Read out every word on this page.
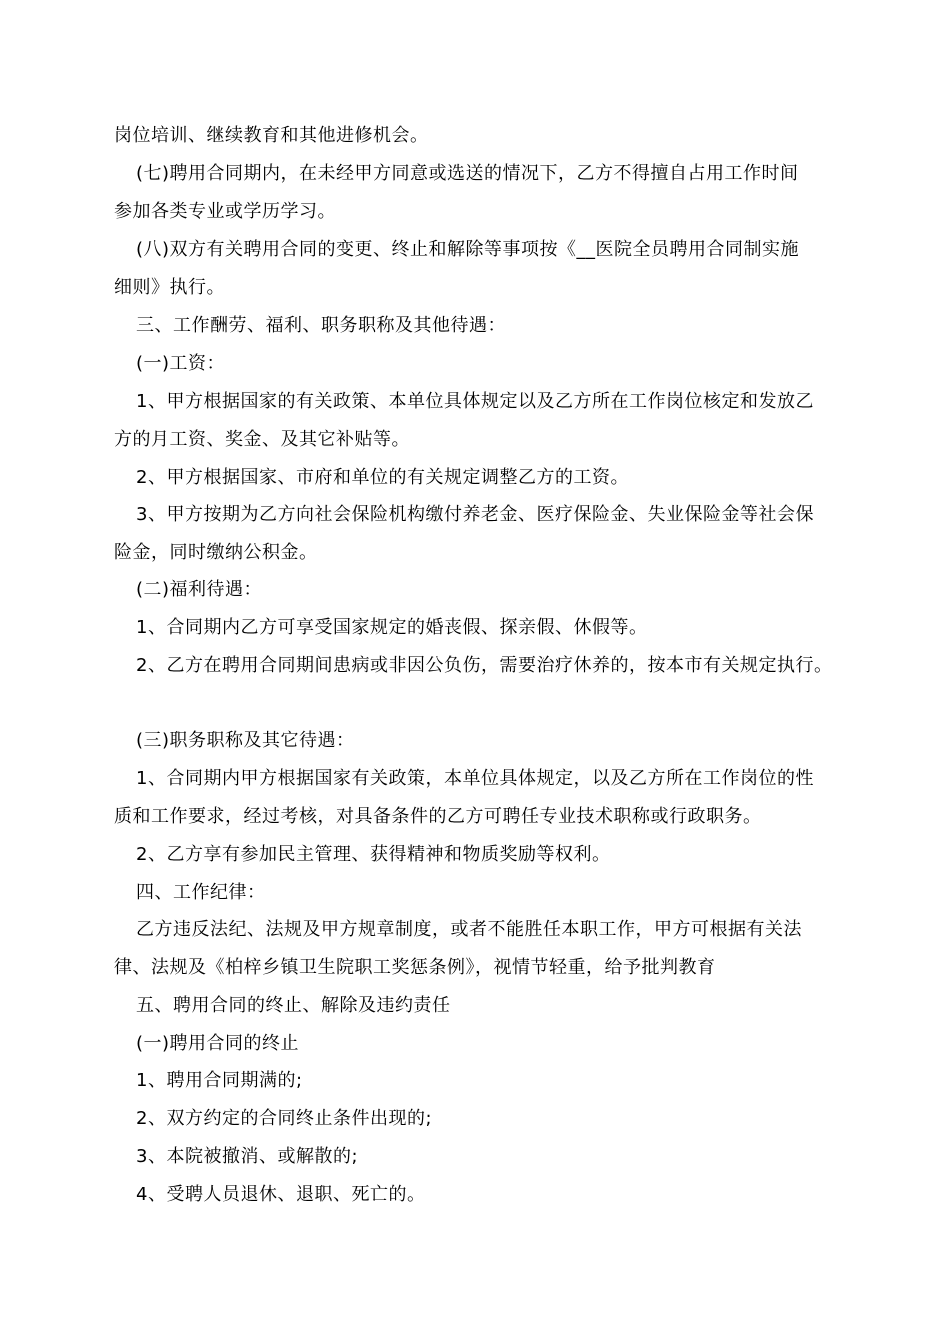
岗位培训、继续教育和其他进修机会。
(七)聘用合同期内，在未经甲方同意或选送的情况下，乙方不得擅自占用工作时间
参加各类专业或学历学习。
(八)双方有关聘用合同的变更、终止和解除等事项按《__医院全员聘用合同制实施
细则》执行。
三、工作酬劳、福利、职务职称及其他待遇：
(一)工资：
1、甲方根据国家的有关政策、本单位具体规定以及乙方所在工作岗位核定和发放乙
方的月工资、奖金、及其它补贴等。
2、甲方根据国家、市府和单位的有关规定调整乙方的工资。
3、甲方按期为乙方向社会保险机构缴付养老金、医疗保险金、失业保险金等社会保
险金，同时缴纳公积金。
(二)福利待遇：
1、合同期内乙方可享受国家规定的婚丧假、探亲假、休假等。
2、乙方在聘用合同期间患病或非因公负伤，需要治疗休养的，按本市有关规定执行。
(三)职务职称及其它待遇：
1、合同期内甲方根据国家有关政策，本单位具体规定，以及乙方所在工作岗位的性
质和工作要求，经过考核，对具备条件的乙方可聘任专业技术职称或行政职务。
2、乙方享有参加民主管理、获得精神和物质奖励等权利。
四、工作纪律：
乙方违反法纪、法规及甲方规章制度，或者不能胜任本职工作，甲方可根据有关法
律、法规及《柏梓乡镇卫生院职工奖惩条例》，视情节轻重，给予批判教育
五、聘用合同的终止、解除及违约责任
(一)聘用合同的终止
1、聘用合同期满的;
2、双方约定的合同终止条件出现的;
3、本院被撤消、或解散的;
4、受聘人员退休、退职、死亡的。
